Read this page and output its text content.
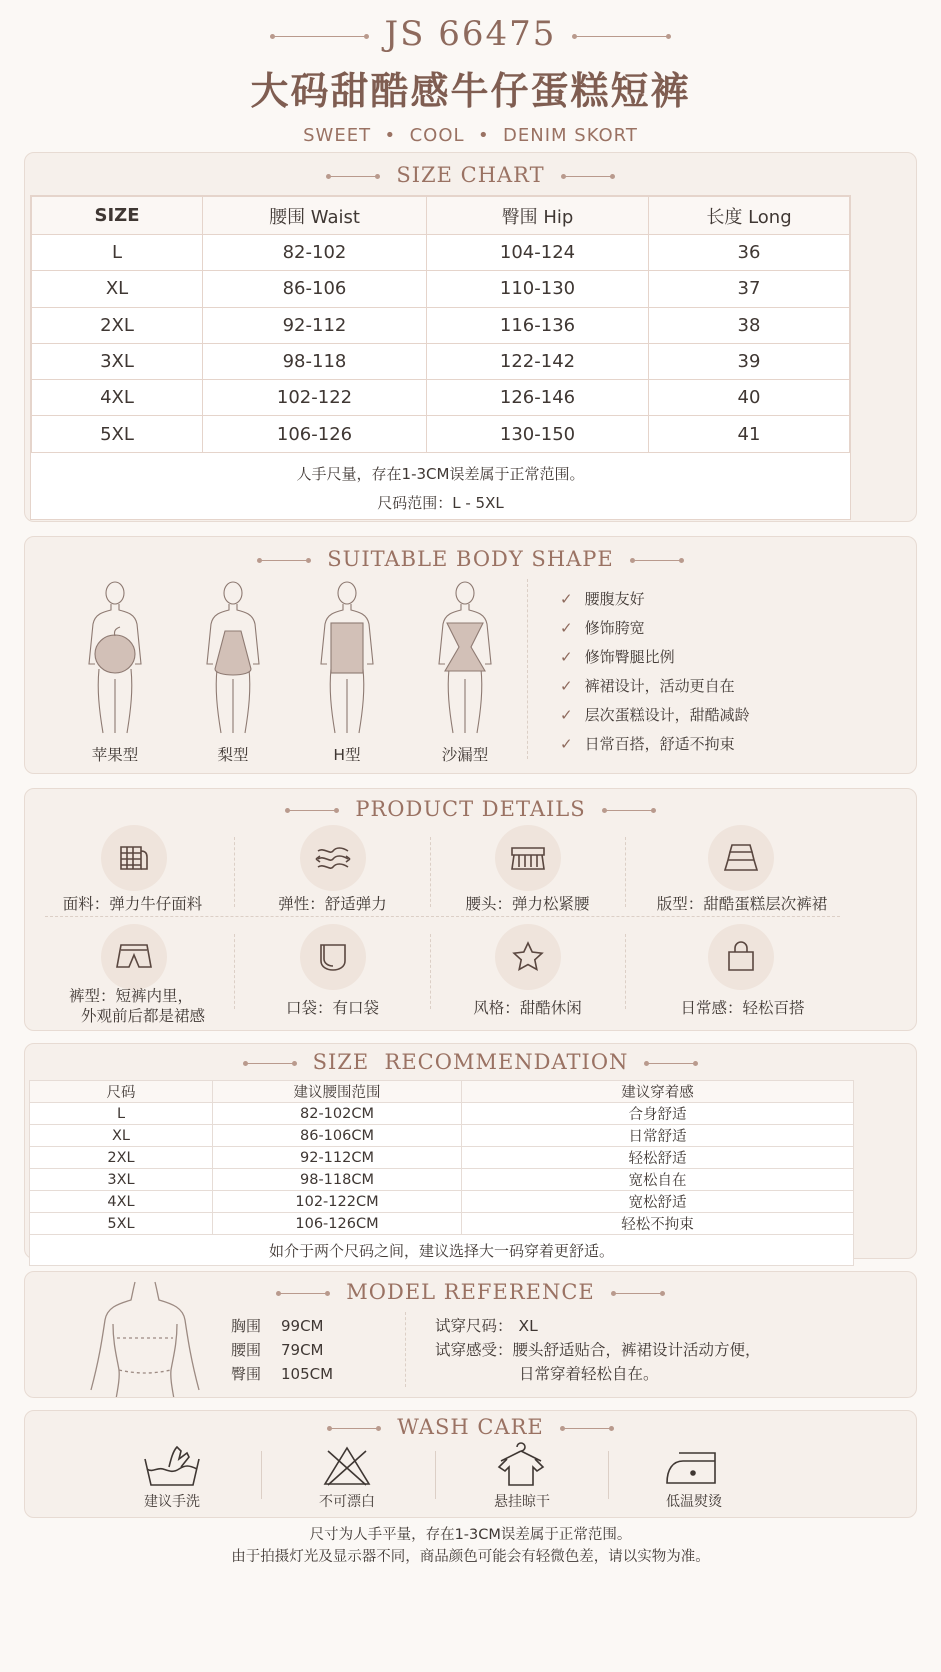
JS 66475
大码甜酷感牛仔蛋糕短裤
SWEET  •  COOL  •  DENIM SKORT
SIZE CHART
SIZE	腰围 Waist	臀围 Hip	长度 Long
L	82-102	104-124	36
XL	86-106	110-130	37
2XL	92-112	116-136	38
3XL	98-118	122-142	39
4XL	102-122	126-146	40
5XL	106-126	130-150	41
人手尺量，存在1-3CM误差属于正常范围。
尺码范围：L - 5XL
SUITABLE BODY SHAPE
苹果型	梨型	H型	沙漏型
✓ 腰腹友好
✓ 修饰胯宽
✓ 修饰臀腿比例
✓ 裤裙设计，活动更自在
✓ 层次蛋糕设计，甜酷减龄
✓ 日常百搭，舒适不拘束
PRODUCT DETAILS
面料：弹力牛仔面料	弹性：舒适弹力	腰头：弹力松紧腰	版型：甜酷蛋糕层次裤裙
裤型：短裤内里，
外观前后都是裙感	口袋：有口袋	风格：甜酷休闲	日常感：轻松百搭
SIZE  RECOMMENDATION
尺码	建议腰围范围	建议穿着感
L	82-102CM	合身舒适
XL	86-106CM	日常舒适
2XL	92-112CM	轻松舒适
3XL	98-118CM	宽松自在
4XL	102-122CM	宽松舒适
5XL	106-126CM	轻松不拘束
如介于两个尺码之间，建议选择大一码穿着更舒适。
胸围 99CM
腰围 79CM
臀围 105CM
试穿尺码： XL
试穿感受：腰头舒适贴合，裤裙设计活动方便，
日常穿着轻松自在。
MODEL REFERENCE
WASH CARE
建议手洗	不可漂白	悬挂晾干	低温熨烫
尺寸为人手平量，存在1-3CM误差属于正常范围。
由于拍摄灯光及显示器不同，商品颜色可能会有轻微色差，请以实物为准。
